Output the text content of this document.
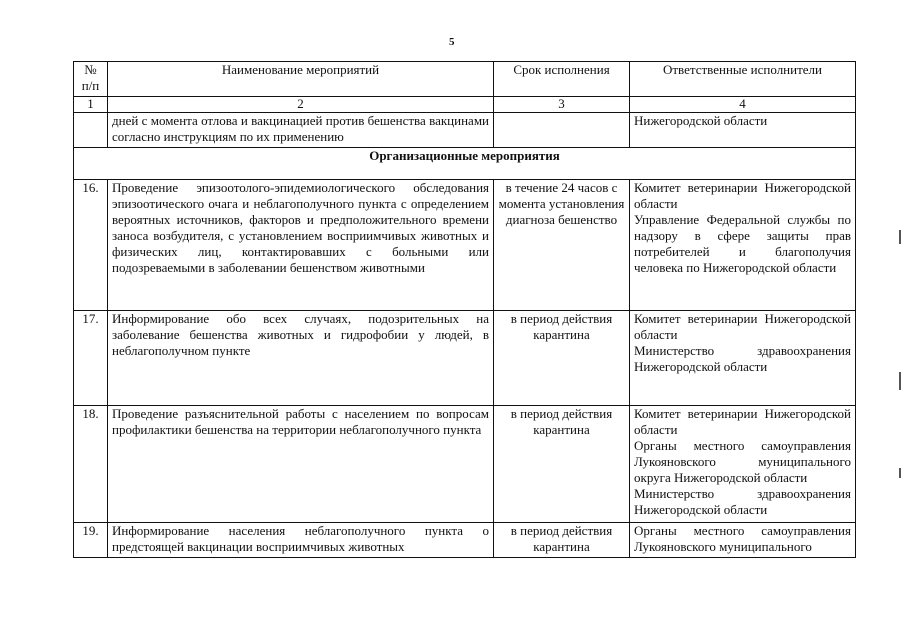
5
№ п/п	Наименование мероприятий	Срок исполнения	Ответственные исполнители
1	2	3	4
	дней с момента отлова и вакцинацией против бешенства вакцинами согласно инструкциям по их применению		Нижегородской области
Организационные мероприятия			
16.	Проведение эпизоотолого-эпидемиологического обследования эпизоотического очага и неблагополучного пункта с определением вероятных источников, факторов и предположительного времени заноса возбудителя, с установлением восприимчивых животных и физических лиц, контактировавших с больными или подозреваемыми в заболевании бешенством животными	в течение 24 часов с момента установления диагноза бешенство	Комитет ветеринарии Нижегородской области
Управление Федеральной службы по надзору в сфере защиты прав потребителей и благополучия человека по Нижегородской области

17.	Информирование обо всех случаях, подозрительных на заболевание бешенства животных и гидрофобии у людей, в неблагополучном пункте	в период действия карантина	Комитет ветеринарии Нижегородской области
Министерство здравоохранения Нижегородской области

18.	Проведение разъяснительной работы с населением по вопросам профилактики бешенства на территории неблагополучного пункта	в период действия карантина	Комитет ветеринарии Нижегородской области
Органы местного самоуправления Лукояновского муниципального округа Нижегородской области
Министерство здравоохранения Нижегородской области

19.	Информирование населения неблагополучного пункта о предстоящей вакцинации восприимчивых животных	в период действия карантина	Органы местного самоуправления Лукояновского муниципального
